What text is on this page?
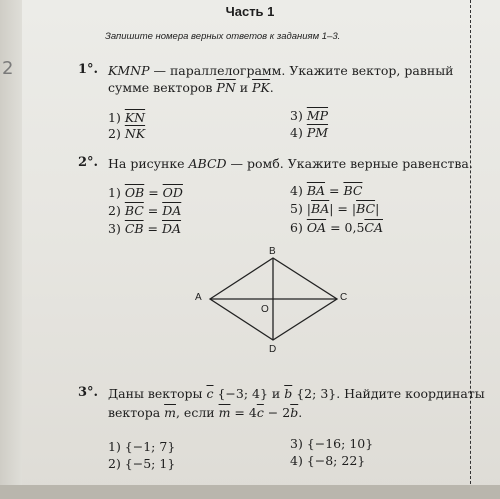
2
Часть 1
Запишите номера верных ответов к заданиям 1–3.
1°. KMNP — параллелограмм. Укажите вектор, равный
сумме векторов $\overline{PN}$ и $\overline{PK}$.
1) $\overline{KN}$
2) $\overline{NK}$
3) $\overline{MP}$
4) $\overline{PM}$
2°. На рисунке ABCD — ромб. Укажите верные равенства.
1) $\overline{OB} = \overline{OD}$
2) $\overline{BC} = \overline{DA}$
3) $\overline{CB} = \overline{DA}$
4) $\overline{BA} = \overline{BC}$
5) $|\overline{BA}| = |\overline{BC}|$
6) $\overline{OA} = 0,5\overline{CA}$
B
A	C
D
O
3°. Даны векторы $\overline{c}$ {−3; 4} и $\overline{b}$ {2; 3}. Найдите координаты
вектора $\overline{m}$, если $\overline{m} = 4\overline{c} - 2\overline{b}$.
1) {−1; 7}
2) {−5; 1}
3) {−16; 10}
4) {−8; 22}
